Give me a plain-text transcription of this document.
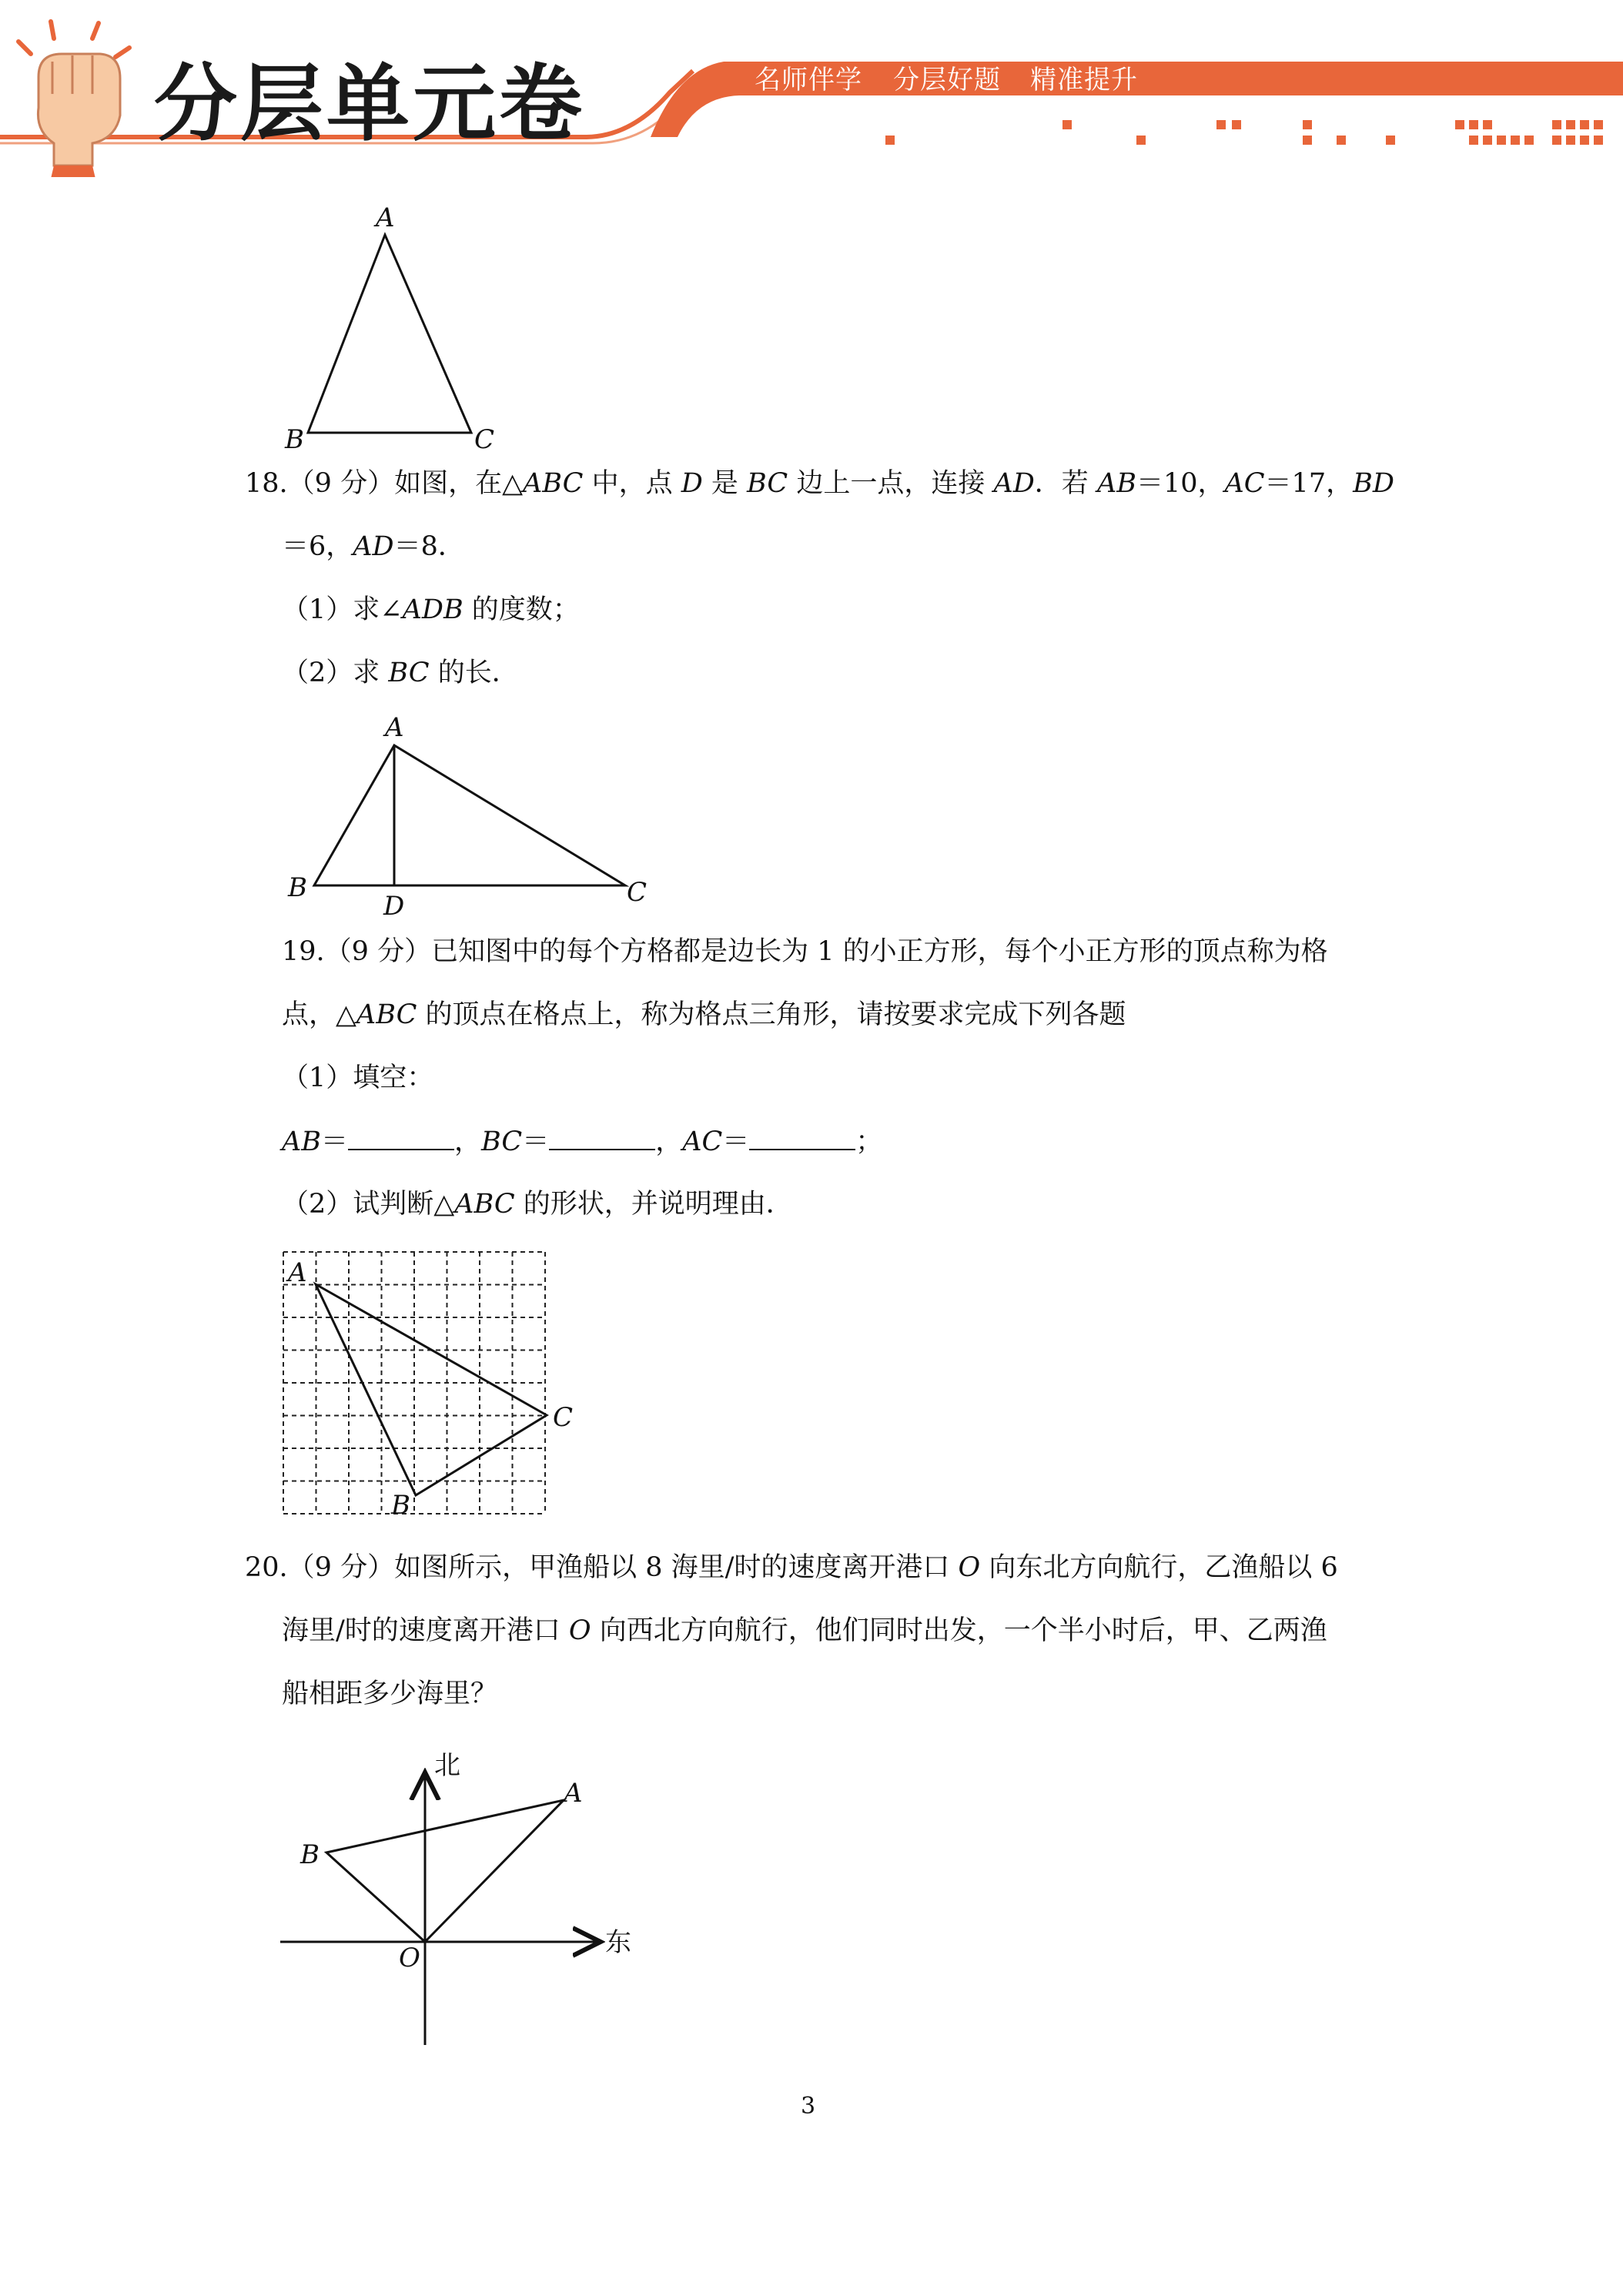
分层单元卷	名师伴学 分层好题 精准提升
A
B	C
18.（9 分）如图，在△ABC 中，点 D 是 BC 边上一点，连接 AD．若 AB＝10，AC＝17，BD
＝6，AD＝8．
（1）求∠ADB 的度数；
（2）求 BC 的长．
A
B	C
D
19.（9 分）已知图中的每个方格都是边长为 1 的小正方形，每个小正方形的顶点称为格
点，△ABC 的顶点在格点上，称为格点三角形，请按要求完成下列各题
（1）填空：
AB＝	，BC＝	，AC＝	；
（2）试判断△ABC 的形状，并说明理由．
A
C
B
20.（9 分）如图所示，甲渔船以 8 海里/时的速度离开港口 O 向东北方向航行，乙渔船以 6
海里/时的速度离开港口 O 向西北方向航行，他们同时出发，一个半小时后，甲、乙两渔
船相距多少海里？
北
东
A
B
O
3
